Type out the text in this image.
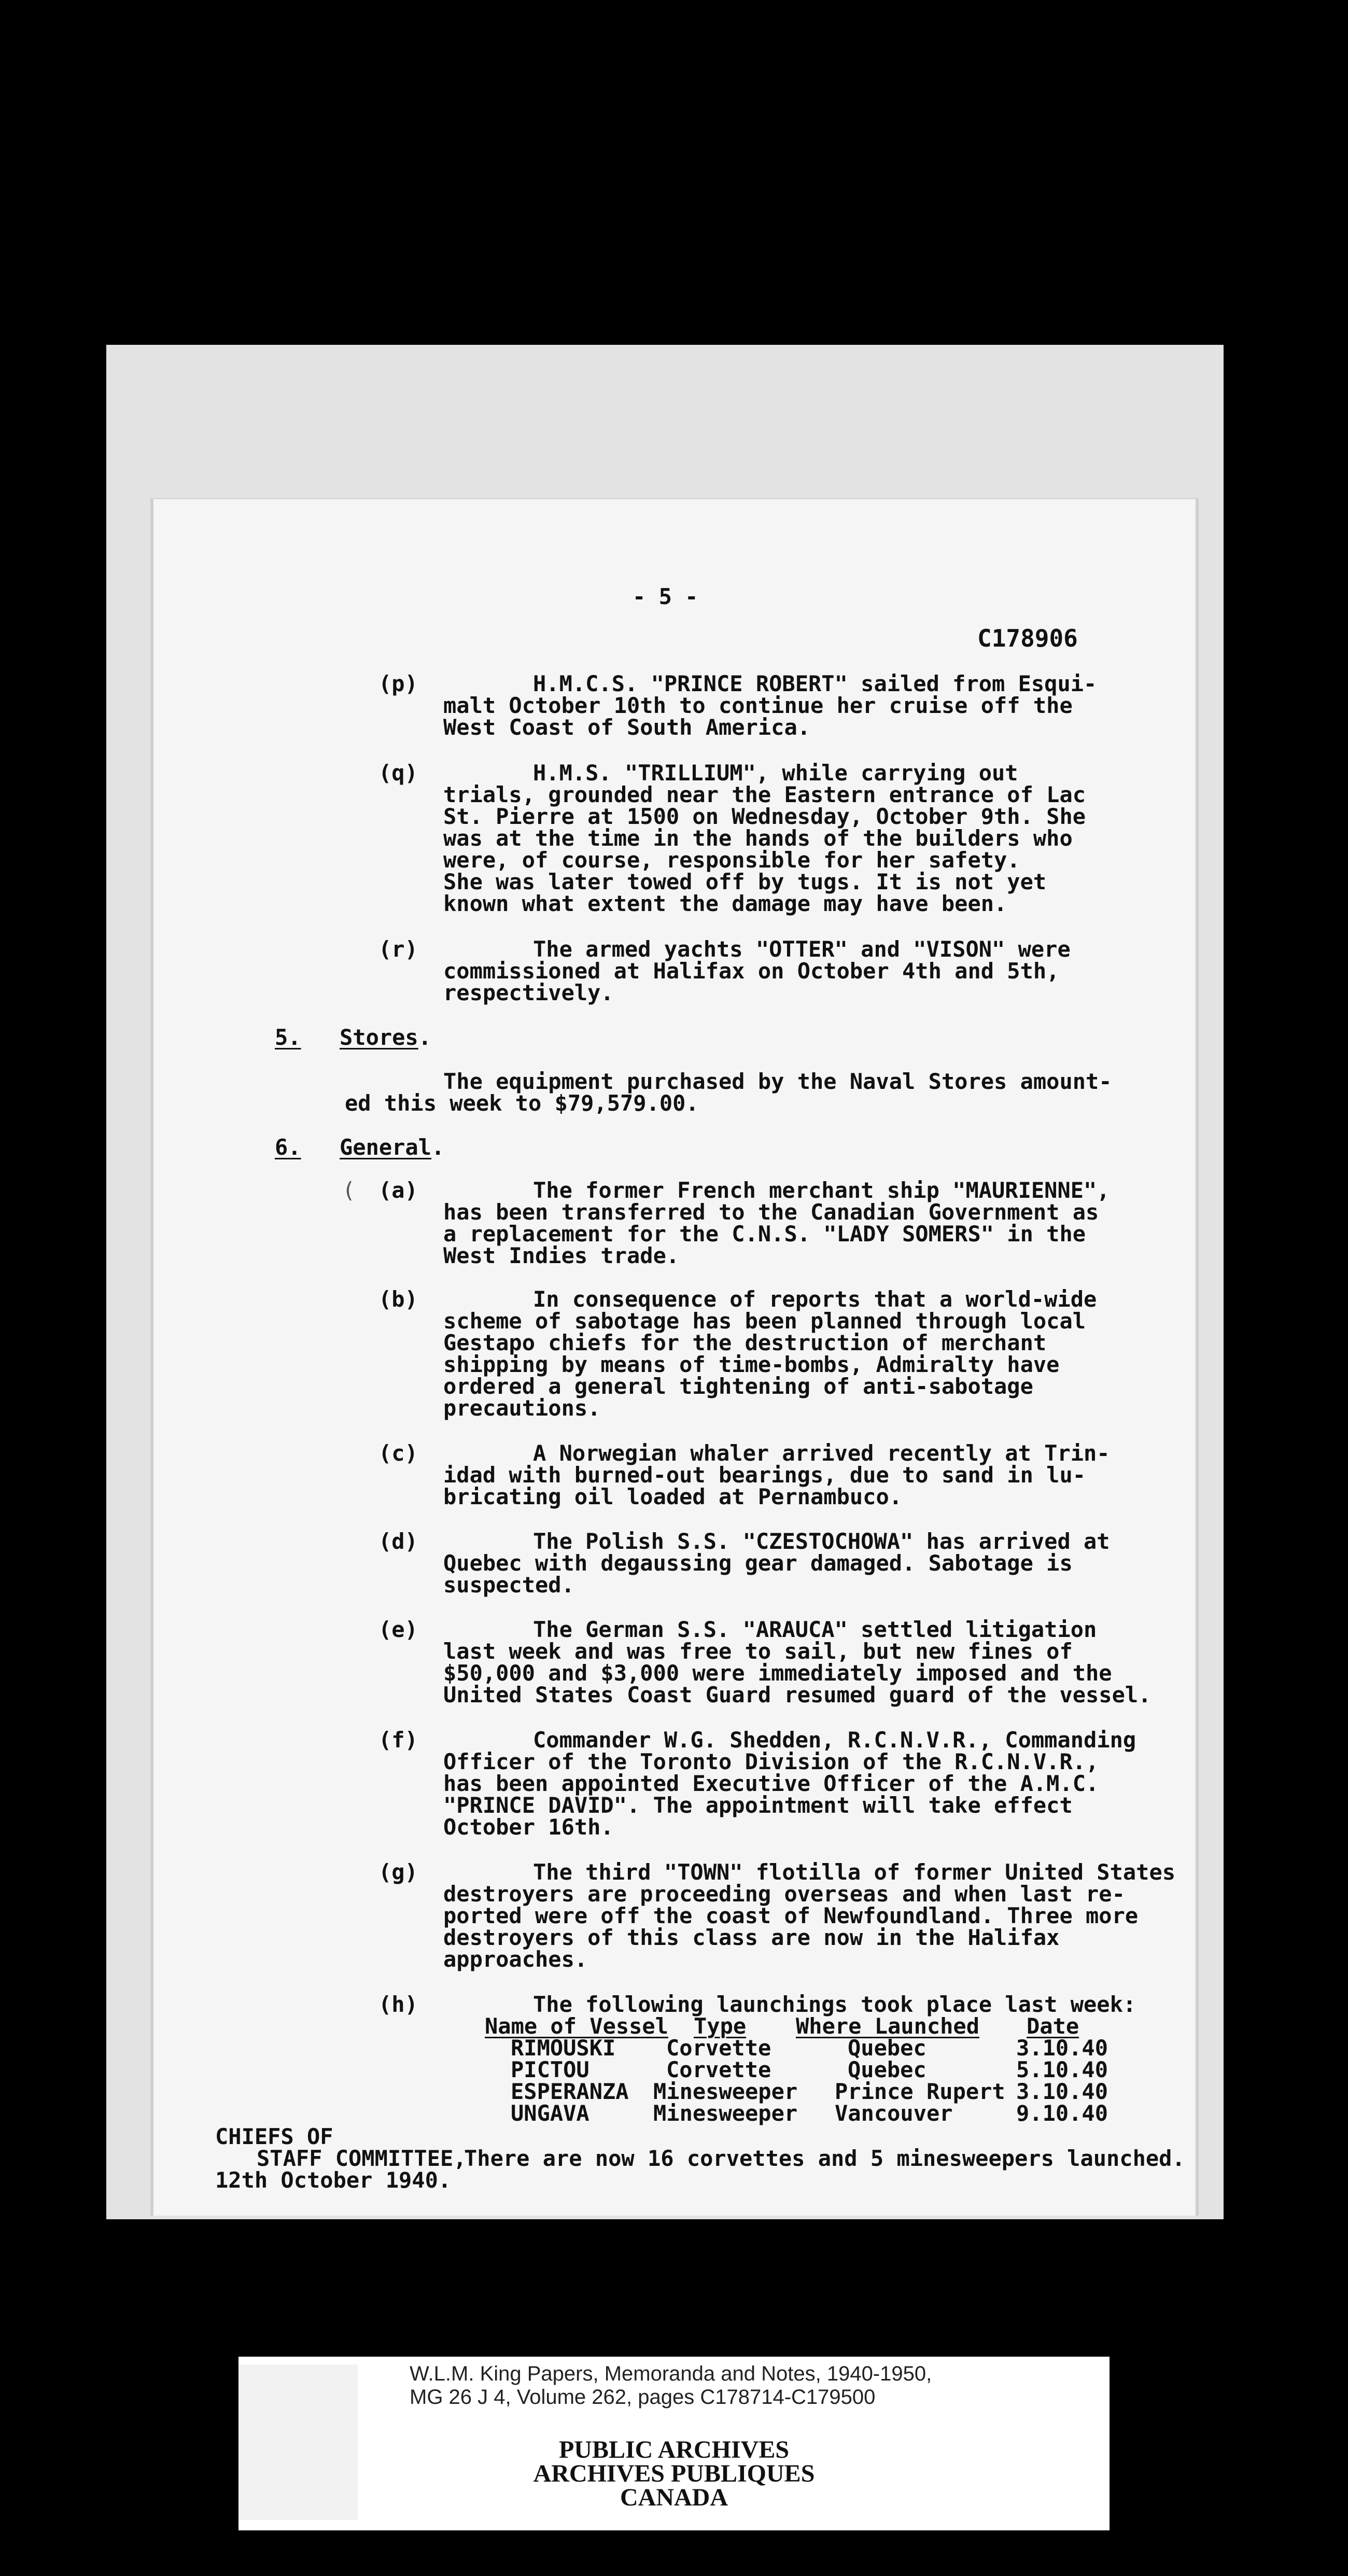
- 5 -
C178906
(p)	H.M.C.S. "PRINCE ROBERT" sailed from Esqui-
malt October 10th to continue her cruise off the
West Coast of South America.
(q)	H.M.S. "TRILLIUM", while carrying out
trials, grounded near the Eastern entrance of Lac
St. Pierre at 1500 on Wednesday, October 9th. She
was at the time in the hands of the builders who
were, of course, responsible for her safety.
She was later towed off by tugs. It is not yet
known what extent the damage may have been.
(r)	The armed yachts "OTTER" and "VISON" were
commissioned at Halifax on October 4th and 5th,
respectively.
5. Stores.
The equipment purchased by the Naval Stores amount-
ed this week to $79,579.00.
6. General.
( (a)	The former French merchant ship "MAURIENNE",
has been transferred to the Canadian Government as
a replacement for the C.N.S. "LADY SOMERS" in the
West Indies trade.
(b)	In consequence of reports that a world-wide
scheme of sabotage has been planned through local
Gestapo chiefs for the destruction of merchant
shipping by means of time-bombs, Admiralty have
ordered a general tightening of anti-sabotage
precautions.
(c)	A Norwegian whaler arrived recently at Trin-
idad with burned-out bearings, due to sand in lu-
bricating oil loaded at Pernambuco.
(d)	The Polish S.S. "CZESTOCHOWA" has arrived at
Quebec with degaussing gear damaged. Sabotage is
suspected.
(e)	The German S.S. "ARAUCA" settled litigation
last week and was free to sail, but new fines of
$50,000 and $3,000 were immediately imposed and the
United States Coast Guard resumed guard of the vessel.
(f)	Commander W.G. Shedden, R.C.N.V.R., Commanding
Officer of the Toronto Division of the R.C.N.V.R.,
has been appointed Executive Officer of the A.M.C.
"PRINCE DAVID". The appointment will take effect
October 16th.
(g)	The third "TOWN" flotilla of former United States
destroyers are proceeding overseas and when last re-
ported were off the coast of Newfoundland. Three more
destroyers of this class are now in the Halifax
approaches.
(h)	The following launchings took place last week:
Name of Vessel Type Where Launched Date
RIMOUSKI Corvette	Quebec	3.10.40
PICTOU	Corvette	Quebec	5.10.40
ESPERANZA Minesweeper Prince Rupert 3.10.40
UNGAVA	Minesweeper Vancouver	9.10.40
CHIEFS OF
STAFF COMMITTEE,
There are now 16 corvettes and 5 minesweepers launched.
12th October 1940.
W.L.M. King Papers, Memoranda and Notes, 1940-1950,
MG 26 J 4, Volume 262, pages C178714-C179500
PUBLIC ARCHIVES
ARCHIVES PUBLIQUES
CANADA
